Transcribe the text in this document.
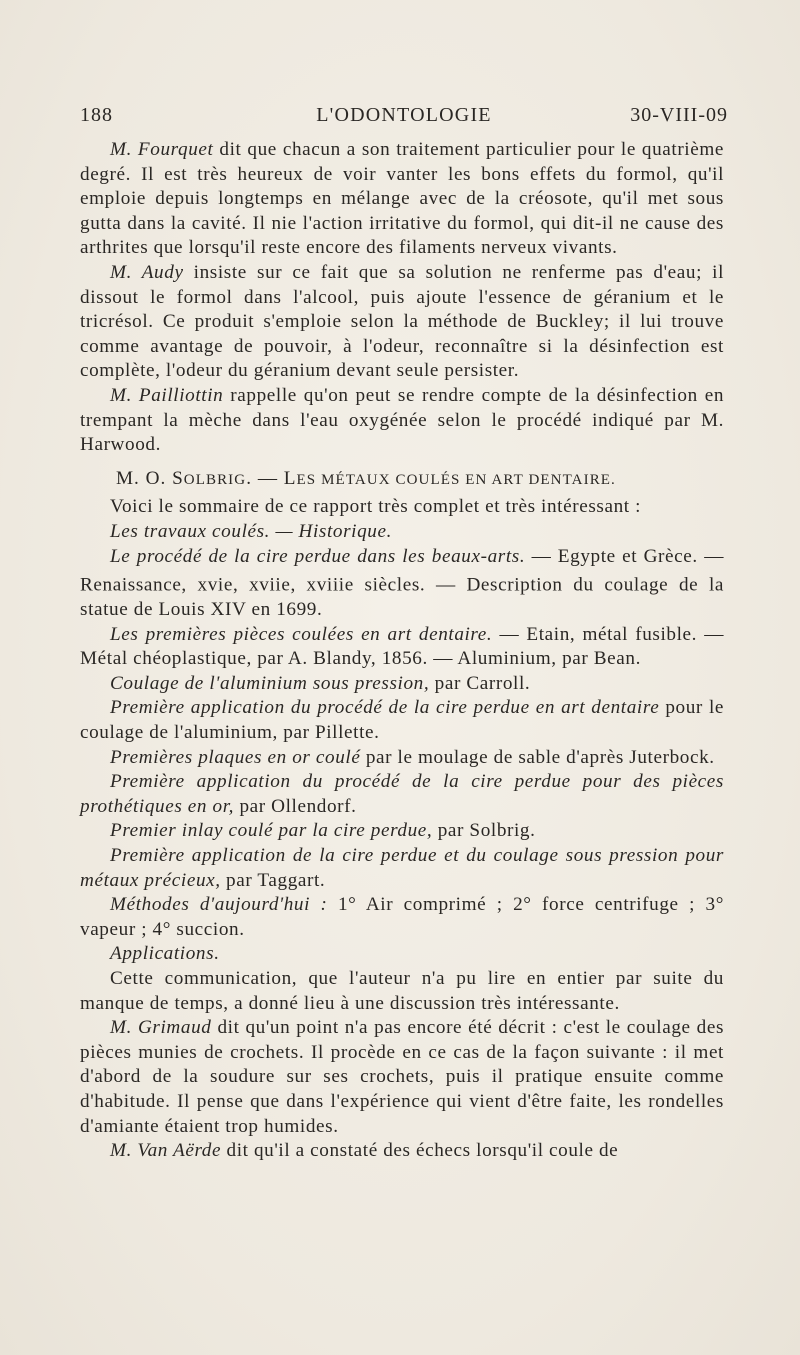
188	L'ODONTOLOGIE	30-VIII-09

M. Fourquet dit que chacun a son traitement particulier pour le quatrième degré. Il est très heureux de voir vanter les bons effets du formol, qu'il emploie depuis longtemps en mélange avec de la créosote, qu'il met sous gutta dans la cavité. Il nie l'action irritative du formol, qui dit-il ne cause des arthrites que lorsqu'il reste encore des filaments nerveux vivants.

M. Audy insiste sur ce fait que sa solution ne renferme pas d'eau; il dissout le formol dans l'alcool, puis ajoute l'essence de géranium et le tricrésol. Ce produit s'emploie selon la méthode de Buckley; il lui trouve comme avantage de pouvoir, à l'odeur, reconnaître si la désinfection est complète, l'odeur du géranium devant seule persister.

M. Pailliottin rappelle qu'on peut se rendre compte de la désinfection en trempant la mèche dans l'eau oxygénée selon le procédé indiqué par M. Harwood.

M. O. SOLBRIG. — LES MÉTAUX COULÉS EN ART DENTAIRE.

Voici le sommaire de ce rapport très complet et très intéressant :

Les travaux coulés. — Historique.

Le procédé de la cire perdue dans les beaux-arts. — Egypte et Grèce. — Renaissance, xvie, xviie, xviiie siècles. — Description du coulage de la statue de Louis XIV en 1699.

Les premières pièces coulées en art dentaire. — Etain, métal fusible. — Métal chéoplastique, par A. Blandy, 1856. — Aluminium, par Bean.

Coulage de l'aluminium sous pression, par Carroll.

Première application du procédé de la cire perdue en art dentaire pour le coulage de l'aluminium, par Pillette.

Premières plaques en or coulé par le moulage de sable d'après Juterbock.

Première application du procédé de la cire perdue pour des pièces prothétiques en or, par Ollendorf.

Premier inlay coulé par la cire perdue, par Solbrig.

Première application de la cire perdue et du coulage sous pression pour métaux précieux, par Taggart.

Méthodes d'aujourd'hui : 1° Air comprimé ; 2° force centrifuge ; 3° vapeur ; 4° succion.

Applications.

Cette communication, que l'auteur n'a pu lire en entier par suite du manque de temps, a donné lieu à une discussion très intéressante.

M. Grimaud dit qu'un point n'a pas encore été décrit : c'est le coulage des pièces munies de crochets. Il procède en ce cas de la façon suivante : il met d'abord de la soudure sur ses crochets, puis il pratique ensuite comme d'habitude. Il pense que dans l'expérience qui vient d'être faite, les rondelles d'amiante étaient trop humides.

M. Van Aërde dit qu'il a constaté des échecs lorsqu'il coule de
